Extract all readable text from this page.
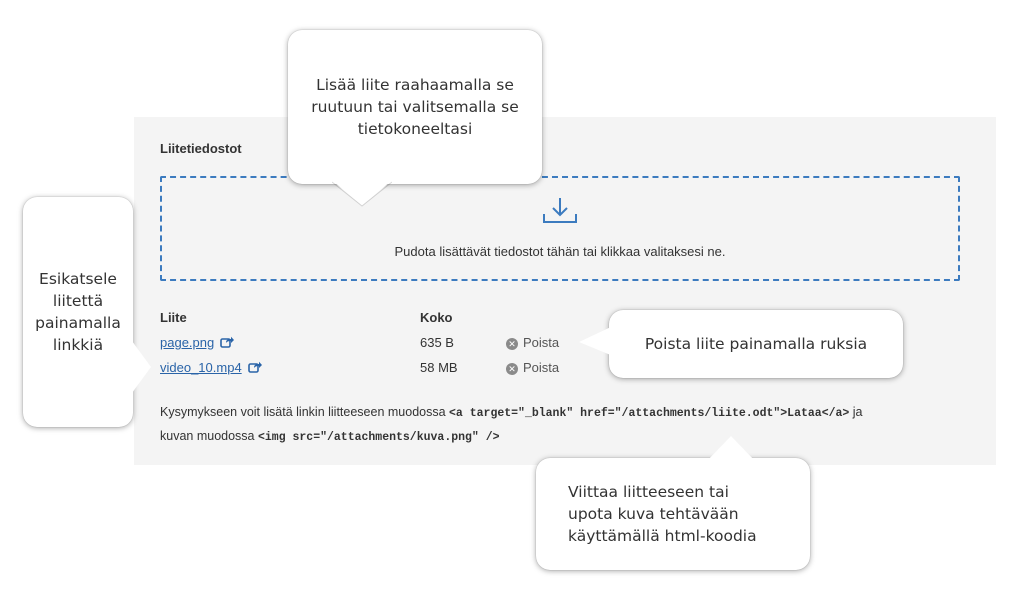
Liitetiedostot
Pudota lisättävät tiedostot tähän tai klikkaa valitaksesi ne.
Liite	Koko
page.png	635 B	✕ Poista
video_10.mp4	58 MB	✕ Poista
Kysymykseen voit lisätä linkin liitteeseen muodossa <a target="_blank" href="/attachments/liite.odt">Lataa</a> ja
kuvan muodossa <img src="/attachments/kuva.png" />
Lisää liite raahaamalla se ruutuun tai valitsemalla se tietokoneeltasi
Esikatsele liitettä painamalla linkkiä	Poista liite painamalla ruksia
Viittaa liitteeseen tai upota kuva tehtävään käyttämällä html-koodia
